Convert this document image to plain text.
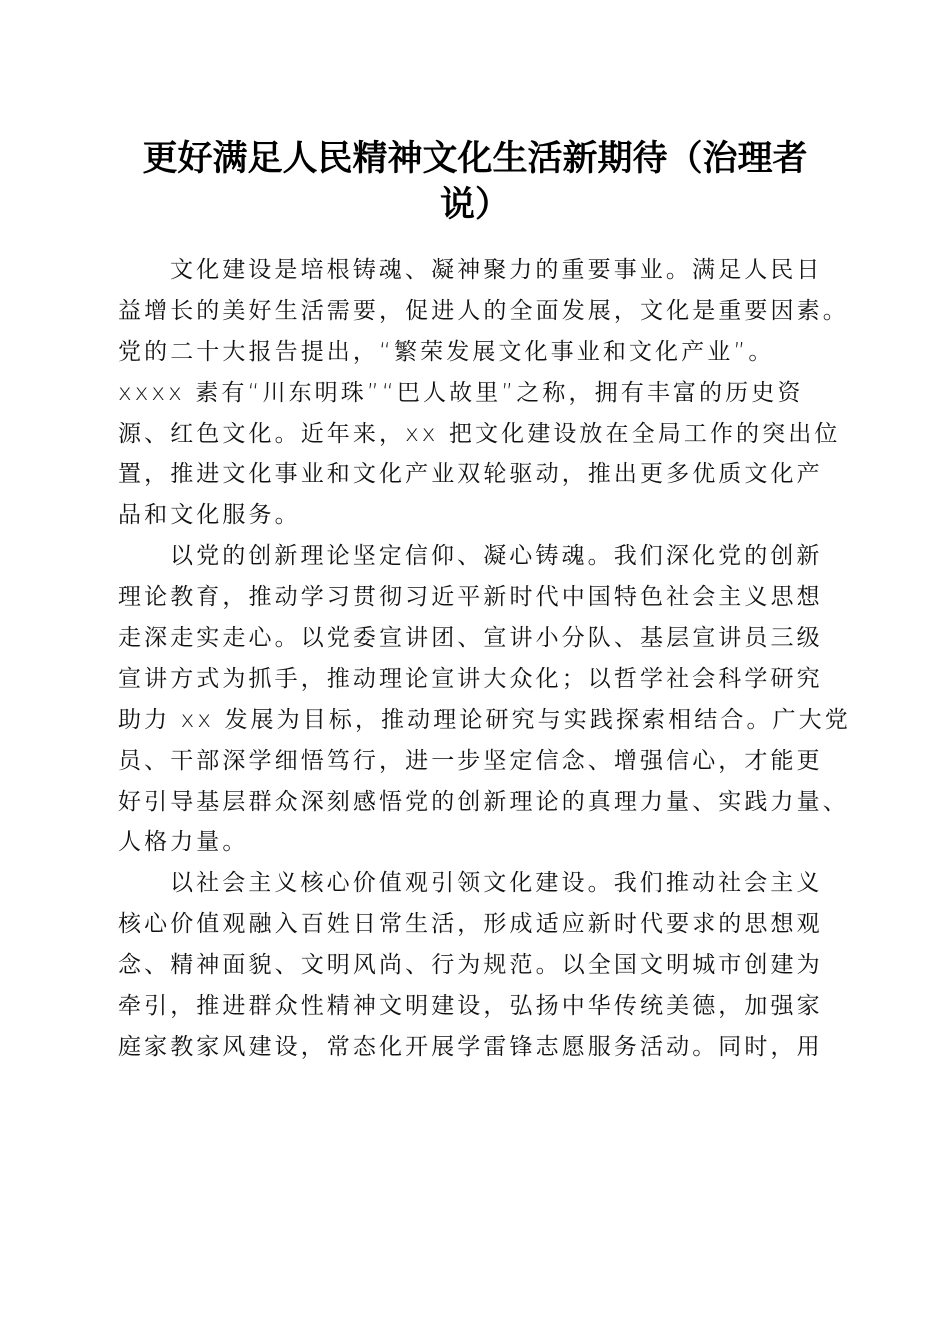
更好满足人民精神文化生活新期待（治理者
说）
文化建设是培根铸魂、凝神聚力的重要事业。满足人民日
益增长的美好生活需要，促进人的全面发展，文化是重要因素。
党的二十大报告提出，“繁荣发展文化事业和文化产业”。
xxxx 素有“川东明珠”“巴人故里”之称，拥有丰富的历史资
源、红色文化。近年来，xx 把文化建设放在全局工作的突出位
置，推进文化事业和文化产业双轮驱动，推出更多优质文化产
品和文化服务。
以党的创新理论坚定信仰、凝心铸魂。我们深化党的创新
理论教育，推动学习贯彻习近平新时代中国特色社会主义思想
走深走实走心。以党委宣讲团、宣讲小分队、基层宣讲员三级
宣讲方式为抓手，推动理论宣讲大众化；以哲学社会科学研究
助力 xx 发展为目标，推动理论研究与实践探索相结合。广大党
员、干部深学细悟笃行，进一步坚定信念、增强信心，才能更
好引导基层群众深刻感悟党的创新理论的真理力量、实践力量、
人格力量。
以社会主义核心价值观引领文化建设。我们推动社会主义
核心价值观融入百姓日常生活，形成适应新时代要求的思想观
念、精神面貌、文明风尚、行为规范。以全国文明城市创建为
牵引，推进群众性精神文明建设，弘扬中华传统美德，加强家
庭家教家风建设，常态化开展学雷锋志愿服务活动。同时，用
